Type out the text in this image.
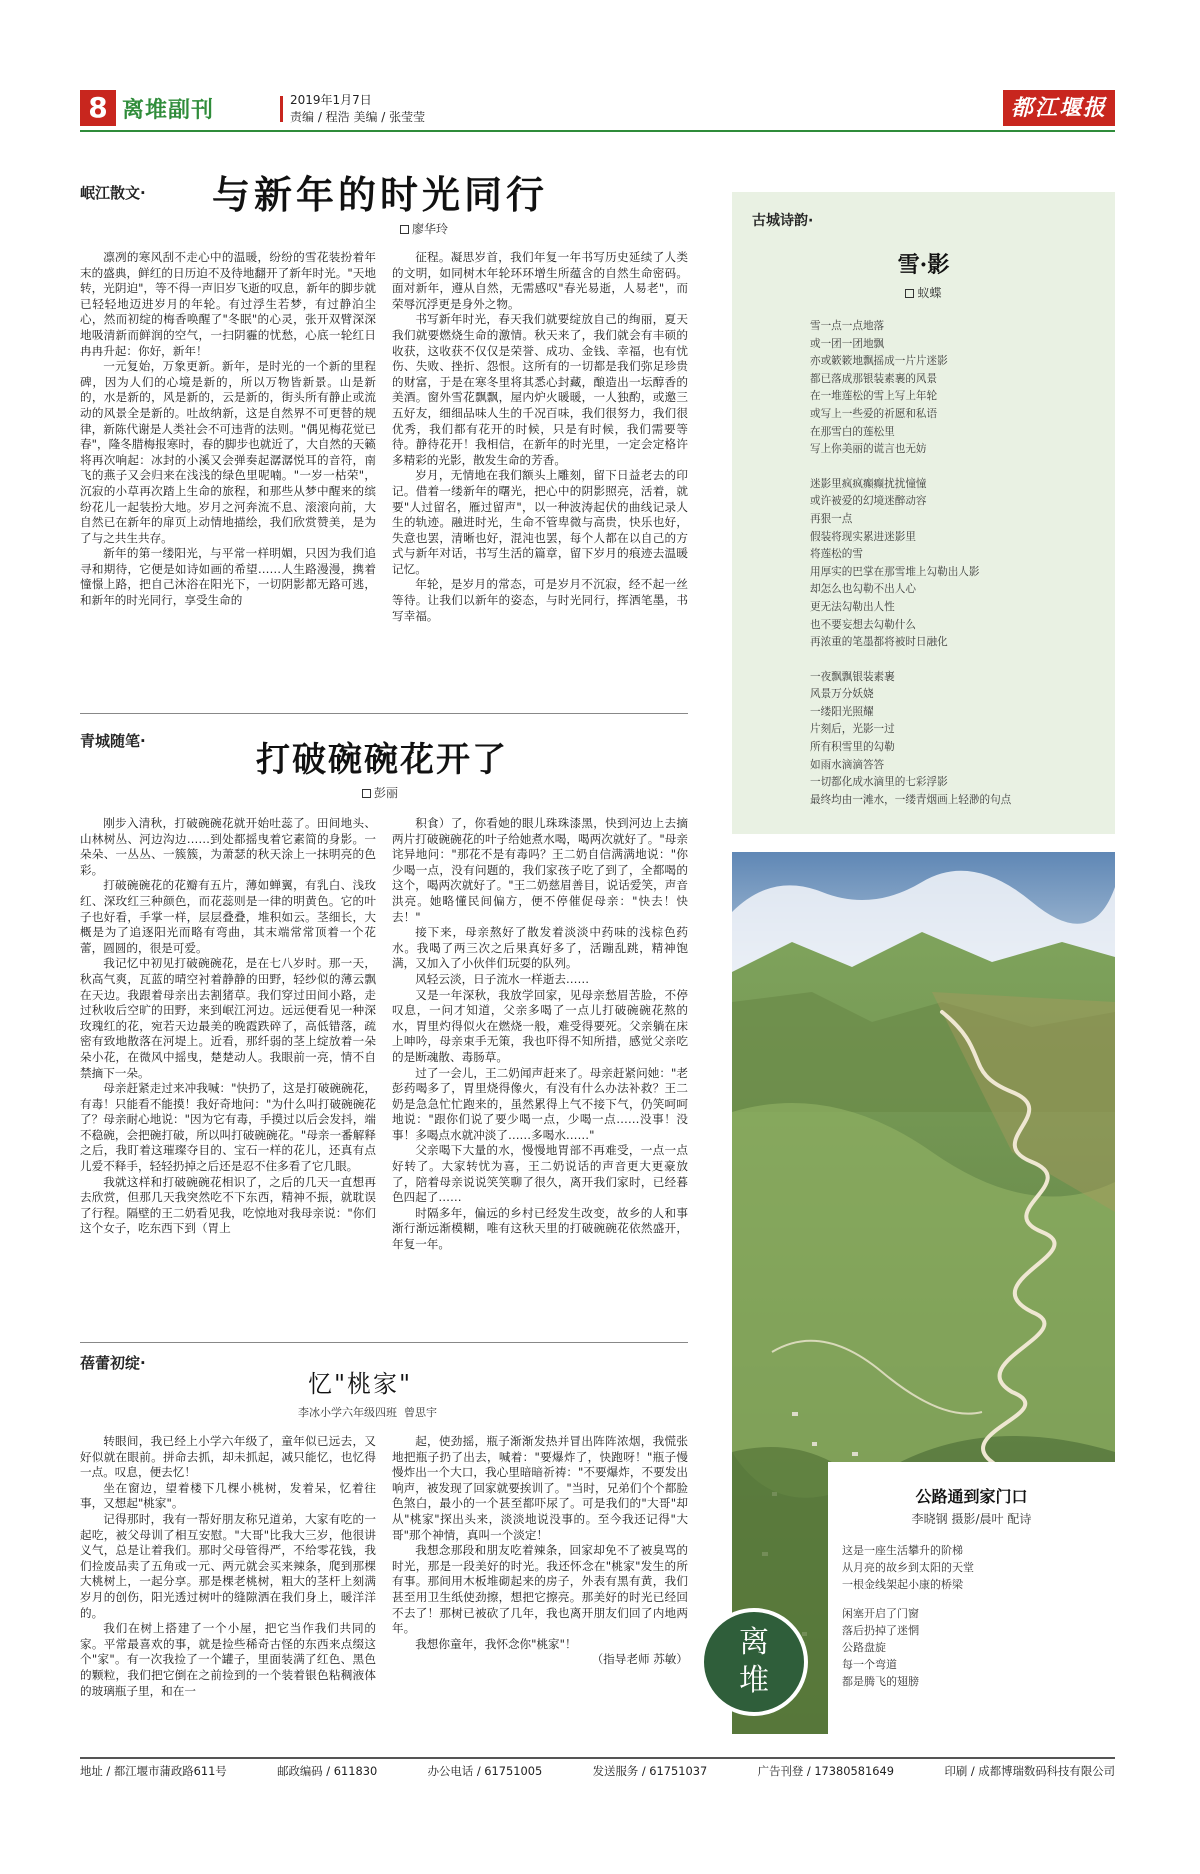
8 离堆副刊	2019年1月7日
责编 / 程浩 美编 / 张莹莹	都江堰报
岷江散文· 与新年的时光同行
廖华玲

凛冽的寒风刮不走心中的温暖，纷纷的雪花装扮着年末的盛典，鲜红的日历迫不及待地翻开了新年时光。"天地转，光阴迫"，等不得一声旧岁飞逝的叹息，新年的脚步就已轻轻地迈进岁月的年轮。有过浮生若梦，有过静泊尘心，然而初绽的梅香唤醒了"冬眠"的心灵，张开双臂深深地吸清新而鲜润的空气，一扫阴霾的忧愁，心底一轮红日冉冉升起：你好，新年！

一元复始，万象更新。新年，是时光的一个新的里程碑，因为人们的心境是新的，所以万物皆新景。山是新的，水是新的，风是新的，云是新的，街头所有静止或流动的风景全是新的。吐故纳新，这是自然界不可更替的规律，新陈代谢是人类社会不可违背的法则。"偶见梅花觉已春"，隆冬腊梅报寒时，春的脚步也就近了，大自然的天籁将再次响起：冰封的小溪又会弹奏起潺潺悦耳的音符，南飞的燕子又会归来在浅浅的绿色里呢喃。"一岁一枯荣"，沉寂的小草再次踏上生命的旅程，和那些从梦中醒来的缤纷花儿一起装扮大地。岁月之河奔流不息、滚滚向前，大自然已在新年的扉页上动情地描绘，我们欣赏赞美，是为了与之共生共存。

新年的第一缕阳光，与平常一样明媚，只因为我们追寻和期待，它便是如诗如画的希望……人生路漫漫，携着憧憬上路，把自己沐浴在阳光下，一切阴影都无路可逃，和新年的时光同行，享受生命的

征程。凝思岁首，我们年复一年书写历史延续了人类的文明，如同树木年轮环环增生所蕴含的自然生命密码。面对新年，遵从自然，无需感叹"春光易逝，人易老"，而荣辱沉浮更是身外之物。

书写新年时光，春天我们就要绽放自己的绚丽，夏天我们就要燃烧生命的激情。秋天来了，我们就会有丰硕的收获，这收获不仅仅是荣誉、成功、金钱、幸福，也有忧伤、失败、挫折、怨恨。这所有的一切都是我们弥足珍贵的财富，于是在寒冬里将其悉心封藏，酿造出一坛醇香的美酒。窗外雪花飘飘，屋内炉火暖暖，一人独酌，或邀三五好友，细细品味人生的千况百味，我们很努力，我们很优秀，我们都有花开的时候，只是有时候，我们需要等待。静待花开！我相信，在新年的时光里，一定会定格许多精彩的光影，散发生命的芳香。

岁月，无情地在我们额头上雕刻，留下日益老去的印记。借着一缕新年的曙光，把心中的阴影照亮，活着，就要"人过留名，雁过留声"，以一种波涛起伏的曲线记录人生的轨迹。融进时光，生命不管卑微与高贵，快乐也好，失意也罢，清晰也好，混沌也罢，每个人都在以自己的方式与新年对话，书写生活的篇章，留下岁月的痕迹去温暖记忆。

年轮，是岁月的常态，可是岁月不沉寂，经不起一丝等待。让我们以新年的姿态，与时光同行，挥洒笔墨，书写幸福。

青城随笔·	打破碗碗花开了
彭丽

刚步入清秋，打破碗碗花就开始吐蕊了。田间地头、山林树丛、河边沟边……到处都摇曳着它素简的身影。一朵朵、一丛丛、一簇簇，为萧瑟的秋天涂上一抹明亮的色彩。

打破碗碗花的花瓣有五片，薄如蝉翼，有乳白、浅玫红、深玫红三种颜色，而花蕊则是一律的明黄色。它的叶子也好看，手掌一样，层层叠叠，堆积如云。茎细长，大概是为了追逐阳光而略有弯曲，其末端常常顶着一个花蕾，圆圆的，很是可爱。

我记忆中初见打破碗碗花，是在七八岁时。那一天，秋高气爽，瓦蓝的晴空衬着静静的田野，轻纱似的薄云飘在天边。我跟着母亲出去割猪草。我们穿过田间小路，走过秋收后空旷的田野，来到岷江河边。远远便看见一种深玫瑰红的花，宛若天边最美的晚霞跌碎了，高低错落，疏密有致地散落在河堤上。近看，那纤弱的茎上绽放着一朵朵小花，在微风中摇曳，楚楚动人。我眼前一亮，情不自禁摘下一朵。

母亲赶紧走过来冲我喊："快扔了，这是打破碗碗花，有毒！只能看不能摸！我好奇地问："为什么叫打破碗碗花了？母亲耐心地说："因为它有毒，手摸过以后会发抖，端不稳碗，会把碗打破，所以叫打破碗碗花。"母亲一番解释之后，我盯着这璀璨夺目的、宝石一样的花儿，还真有点儿爱不释手，轻轻扔掉之后还是忍不住多看了它几眼。

我就这样和打破碗碗花相识了，之后的几天一直想再去欣赏，但那几天我突然吃不下东西，精神不振，就耽误了行程。隔壁的王二奶看见我，吃惊地对我母亲说："你们这个女子，吃东西下到（胃上

积食）了，你看她的眼儿珠珠漆黑，快到河边上去摘两片打破碗碗花的叶子给她煮水喝，喝两次就好了。"母亲诧异地问："那花不是有毒吗？王二奶自信满满地说："你少喝一点，没有问题的，我们家孩子吃了到了，全都喝的这个，喝两次就好了。"王二奶慈眉善目，说话爱笑，声音洪亮。她略懂民间偏方，便不停催促母亲："快去！快去！"

接下来，母亲熬好了散发着淡淡中药味的浅棕色药水。我喝了两三次之后果真好多了，活蹦乱跳，精神饱满，又加入了小伙伴们玩耍的队列。

风轻云淡，日子流水一样逝去……

又是一年深秋，我放学回家，见母亲愁眉苦脸，不停叹息，一问才知道，父亲多喝了一点儿打破碗碗花熬的水，胃里灼得似火在燃烧一般，难受得要死。父亲躺在床上呻吟，母亲束手无策，我也吓得不知所措，感觉父亲吃的是断魂散、毒肠草。

过了一会儿，王二奶闻声赶来了。母亲赶紧问她："老彭药喝多了，胃里烧得像火，有没有什么办法补救？王二奶是急急忙忙跑来的，虽然累得上气不接下气，仍笑呵呵地说："跟你们说了要少喝一点，少喝一点……没事！没事！多喝点水就冲淡了……多喝水……"

父亲喝下大量的水，慢慢地胃部不再难受，一点一点好转了。大家转忧为喜，王二奶说话的声音更大更豪放了，陪着母亲说说笑笑聊了很久，离开我们家时，已经暮色四起了……

时隔多年，偏远的乡村已经发生改变，故乡的人和事渐行渐远渐模糊，唯有这秋天里的打破碗碗花依然盛开，年复一年。

蓓蕾初绽·
忆"桃家"
李冰小学六年级四班 曾思宇

转眼间，我已经上小学六年级了，童年似已远去，又好似就在眼前。拼命去抓，却未抓起，减只能忆，也忆得一点。叹息，便去忆！

坐在窗边，望着楼下几棵小桃树，发着呆，忆着往事，又想起"桃家"。

记得那时，我有一帮好朋友称兄道弟，大家有吃的一起吃，被父母训了相互安慰。"大哥"比我大三岁，他很讲义气，总是让着我们。那时父母管得严，不给零花钱，我们捡废品卖了五角或一元、两元就会买来辣条，爬到那棵大桃树上，一起分享。那是棵老桃树，粗大的茎杆上刻满岁月的创伤，阳光透过树叶的缝隙洒在我们身上，暖洋洋的。

我们在树上搭建了一个小屋，把它当作我们共同的家。平常最喜欢的事，就是捡些稀奇古怪的东西来点缀这个"家"。有一次我捡了一个罐子，里面装满了红色、黑色的颗粒，我们把它倒在之前捡到的一个装着银色粘稠液体的玻璃瓶子里，和在一

起，使劲摇，瓶子渐渐发热并冒出阵阵浓烟，我慌张地把瓶子扔了出去，喊着："要爆炸了，快跑呀！"瓶子慢慢炸出一个大口，我心里暗暗祈祷："不要爆炸，不要发出响声，被发现了回家就要挨训了。"当时，兄弟们个个都脸色煞白，最小的一个甚至都吓尿了。可是我们的"大哥"却从"桃家"探出头来，淡淡地说没事的。至今我还记得"大哥"那个神情，真叫一个淡定！

我想念那段和朋友吃着辣条，回家却免不了被臭骂的时光，那是一段美好的时光。我还怀念在"桃家"发生的所有事。那间用木板堆砌起来的房子，外表有黑有黄，我们甚至用卫生纸使劲擦，想把它擦亮。那美好的时光已经回不去了！那树已被砍了几年，我也离开朋友们回了内地两年。

我想你童年，我怀念你"桃家"！

（指导老师 苏敏）

古城诗韵·
雪·影
蚁蝶
雪一点一点地落
或一团一团地飘
亦或簌簌地飘摇成一片片迷影
都已落成那银装素裹的风景
在一堆莲松的雪上写上年轮
或写上一些爱的祈愿和私语
在那雪白的莲松里
写上你美丽的谎言也无妨
迷影里疯疯癫癫扰扰憧憧
或许被爱的幻境迷醉动容
再狠一点
假装将现实累进迷影里
将莲松的雪
用厚实的巴掌在那雪堆上勾勒出人影
却怎么也勾勒不出人心
更无法勾勒出人性
也不要妄想去勾勒什么
再浓重的笔墨都将被时日融化
一夜飘飘银装素裹
风景万分妖娆
一缕阳光照耀
片刻后，光影一过
所有积雪里的勾勒
如雨水滴滴答答
一切都化成水滴里的七彩浮影
最终均由一滩水，一缕青烟画上轻渺的句点
公路通到家门口
李晓钢 摄影/晨叶 配诗
这是一座生活攀升的阶梯
从月亮的故乡到太阳的天堂
一根金线架起小康的桥梁
闲塞开启了门窗
落后扔掉了迷惘
公路盘旋
每一个弯道
都是腾飞的翅膀
离
堆
地址 / 都江堰市蒲政路611号	邮政编码 / 611830	办公电话 / 61751005	发送服务 / 61751037	广告刊登 / 17380581649	印刷 / 成都博瑞数码科技有限公司
